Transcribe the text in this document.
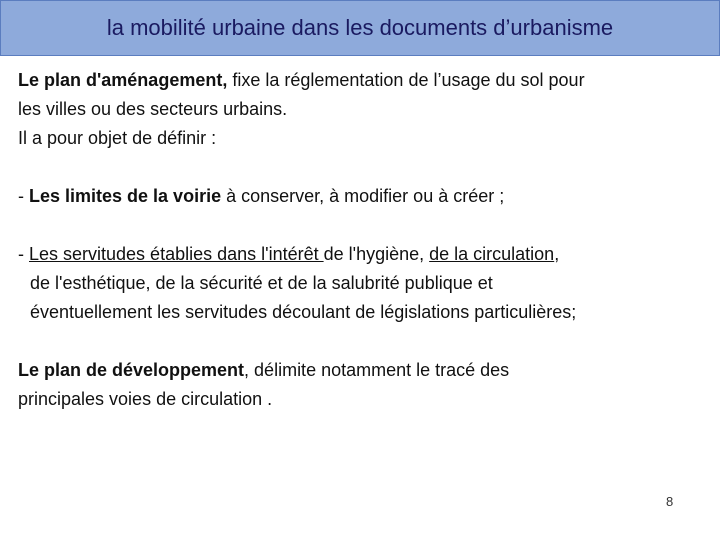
la mobilité urbaine dans les documents d’urbanisme

Le plan d'aménagement, fixe la réglementation de l’usage du sol pour

les villes ou des secteurs urbains.

Il a pour objet de définir :

- Les limites de la voirie à conserver, à modifier ou à créer ;

- Les servitudes établies dans l'intérêt de l'hygiène, de la circulation,

de l'esthétique, de la sécurité et de la salubrité publique et

éventuellement les servitudes découlant de législations particulières;

Le plan de développement, délimite notamment le tracé des

principales voies de circulation .

8
